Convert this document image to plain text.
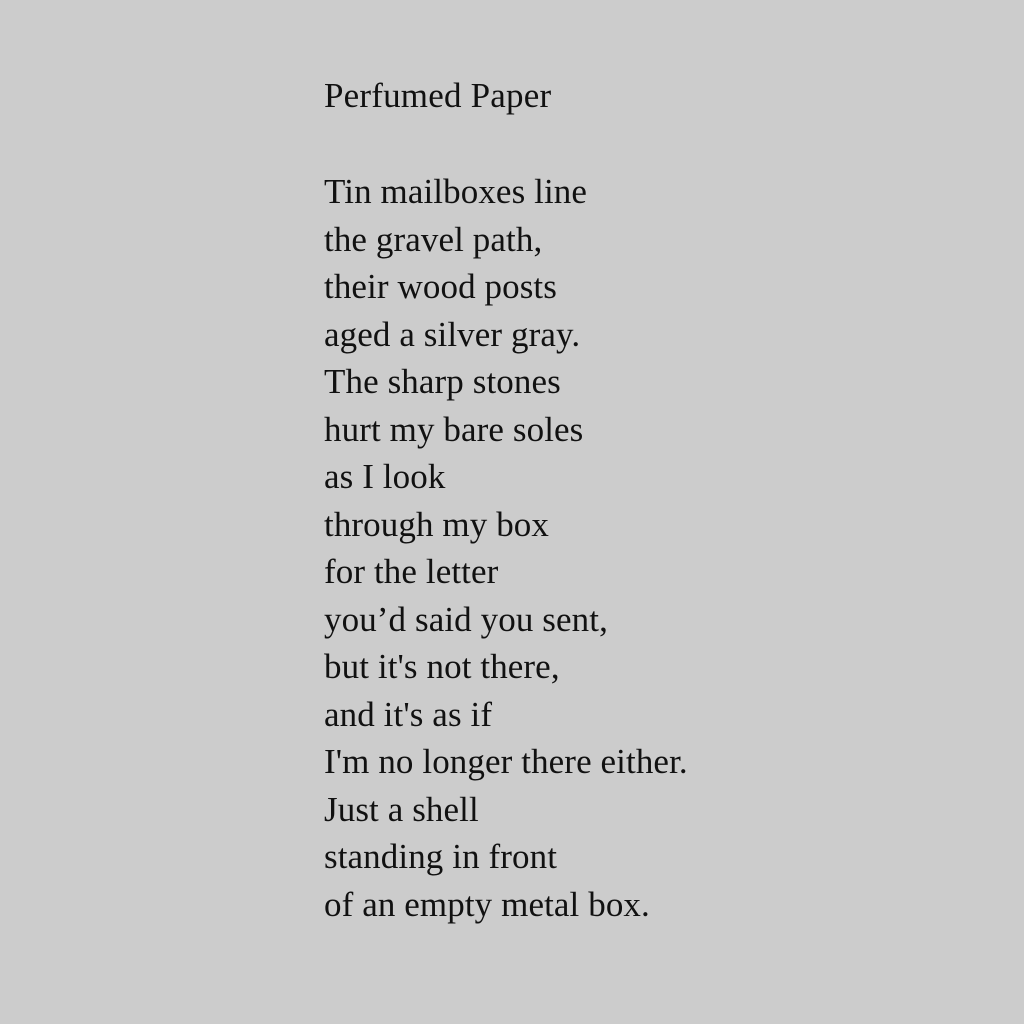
Perfumed Paper
Tin mailboxes line
the gravel path,
their wood posts
aged a silver gray.
The sharp stones
hurt my bare soles
as I look
through my box
for the letter
you’d said you sent,
but it's not there,
and it's as if
I'm no longer there either.
Just a shell
standing in front
of an empty metal box.
